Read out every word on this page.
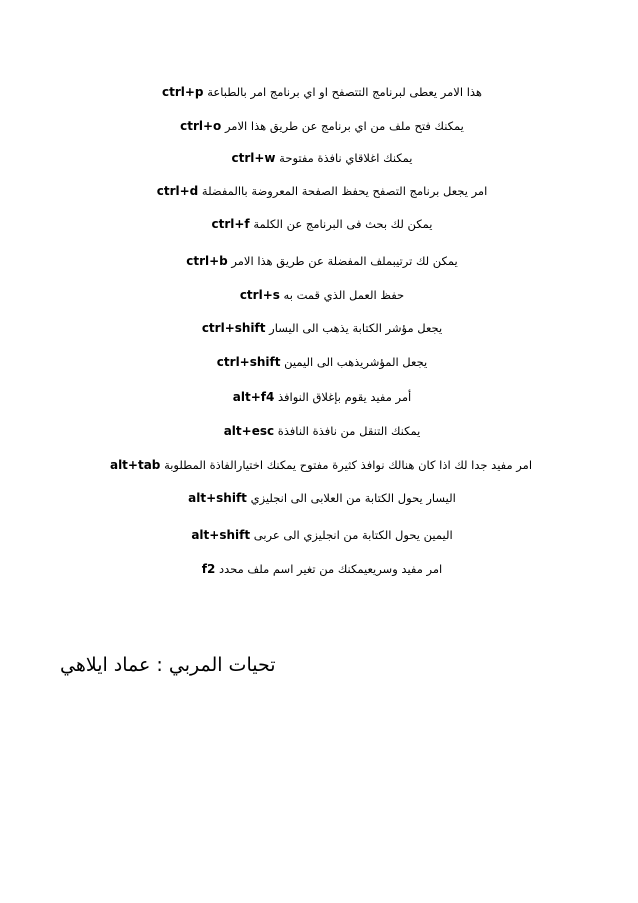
ctrl+p هذا الامر يعطى لبرنامج التتصفح او اي برنامج امر بالطباعة
ctrl+o يمكنك فتح ملف من اي برنامج عن طريق هذا الامر
ctrl+w يمكنك اغلاقاي نافذة مفتوحة
ctrl+d امر يجعل برنامج التصفح يحفظ الصفحة المعروضة باالمفضلة
ctrl+f يمكن لك بحث فى البرنامج عن الكلمة
ctrl+b يمكن لك ترتيبملف المفضلة عن طريق هذا الامر
ctrl+s حفظ العمل الذي قمت به
ctrl+shift يجعل مؤشر الكتابة يذهب الى اليسار
ctrl+shift يجعل المؤشريذهب الى اليمين
alt+f4 أمر مفيد يقوم بإغلاق النوافذ
alt+esc يمكنك التنقل من نافذة النافذة
alt+tab امر مفيد جدا لك اذا كان هنالك نوافذ كثيرة مفتوح يمكنك اختيارالفاذة المطلوبة
alt+shift اليسار يحول الكتابة من العلابى الى انجليزي
alt+shift اليمين يحول الكتابة من انجليزي الى عربى
f2 امر مفيد وسريعيمكنك من تغير اسم ملف محدد
تحيات المربي : عماد ايلاهي
